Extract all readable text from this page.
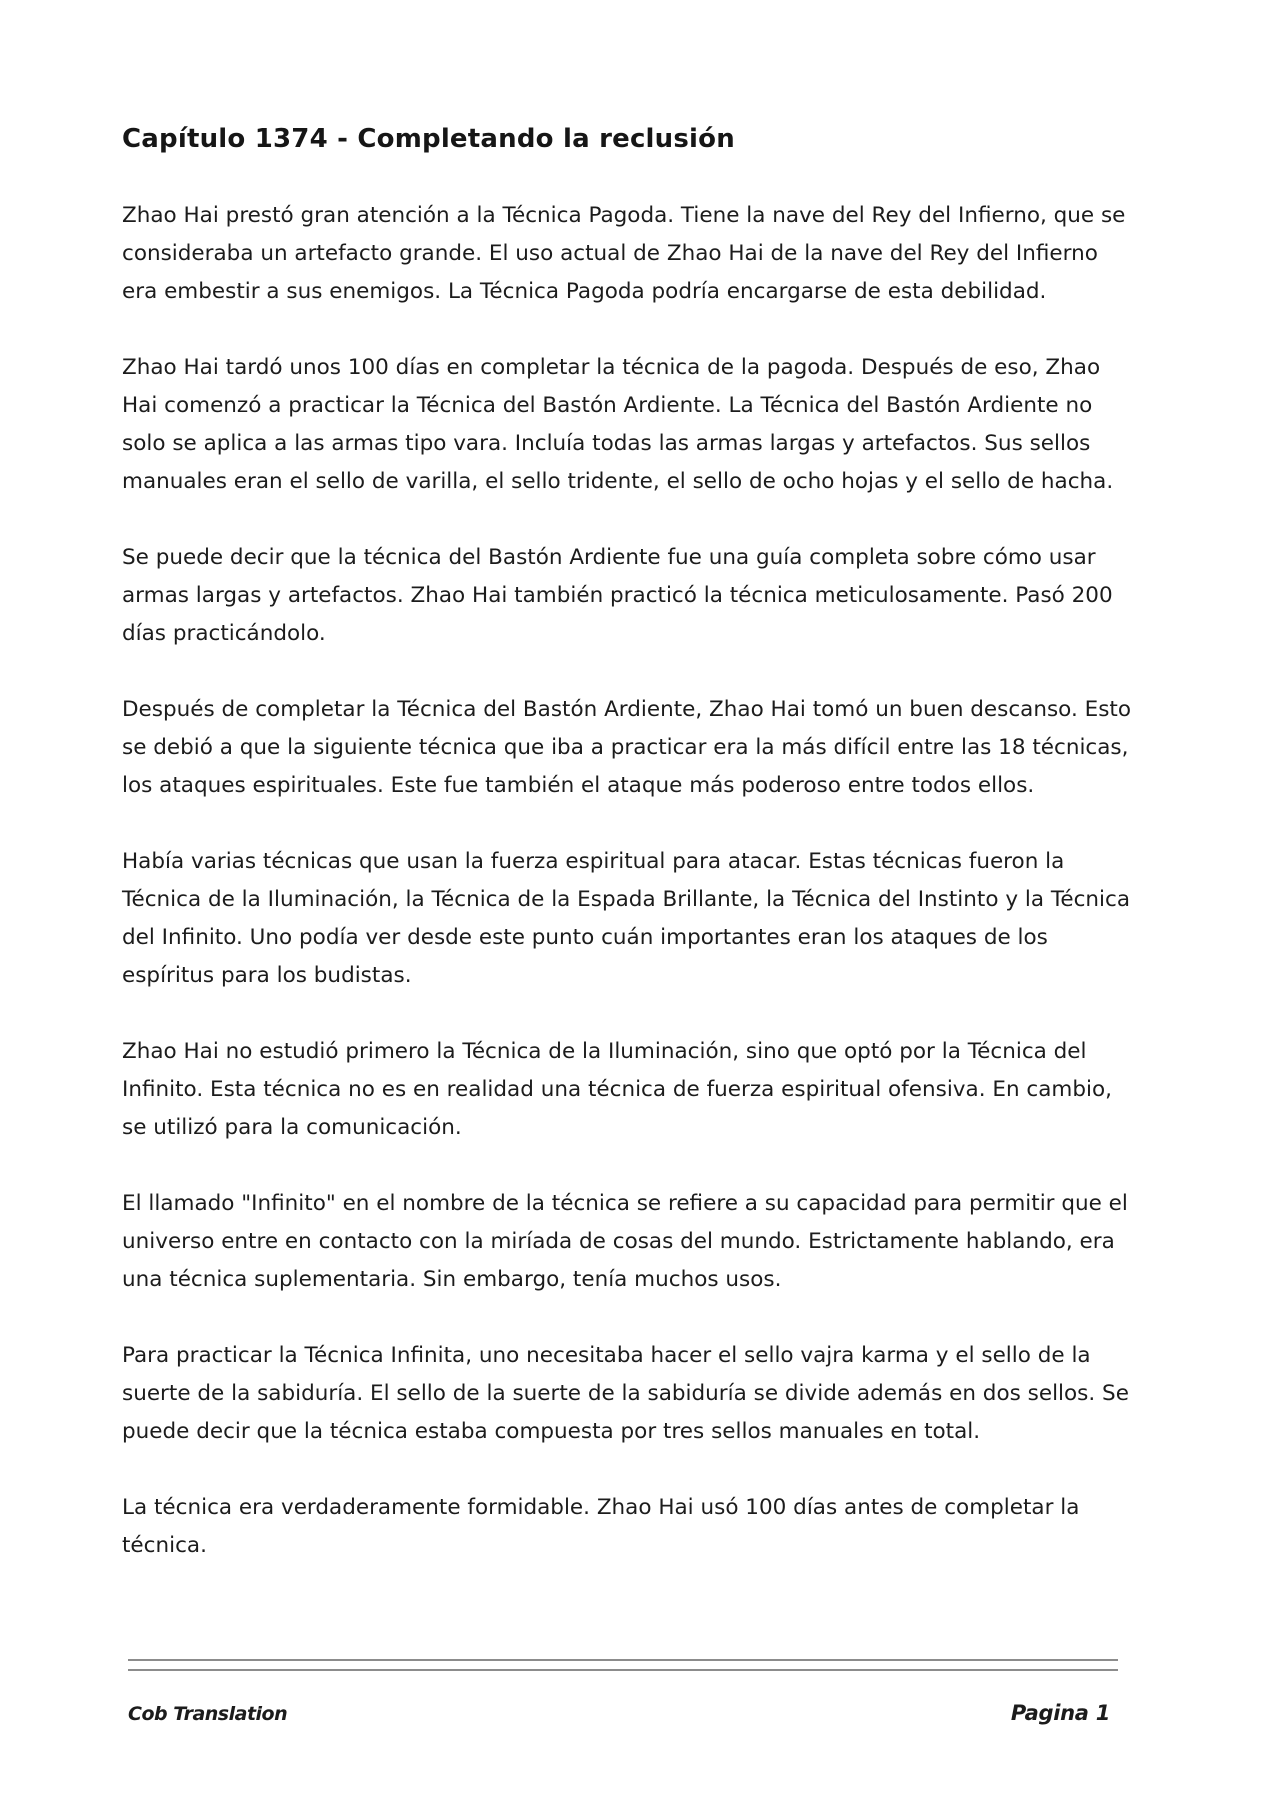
Capítulo 1374 - Completando la reclusión

Zhao Hai prestó gran atención a la Técnica Pagoda. Tiene la nave del Rey del Infierno, que se consideraba un artefacto grande. El uso actual de Zhao Hai de la nave del Rey del Infierno era embestir a sus enemigos. La Técnica Pagoda podría encargarse de esta debilidad.

Zhao Hai tardó unos 100 días en completar la técnica de la pagoda. Después de eso, Zhao Hai comenzó a practicar la Técnica del Bastón Ardiente. La Técnica del Bastón Ardiente no solo se aplica a las armas tipo vara. Incluía todas las armas largas y artefactos. Sus sellos manuales eran el sello de varilla, el sello tridente, el sello de ocho hojas y el sello de hacha.

Se puede decir que la técnica del Bastón Ardiente fue una guía completa sobre cómo usar armas largas y artefactos. Zhao Hai también practicó la técnica meticulosamente. Pasó 200 días practicándolo.

Después de completar la Técnica del Bastón Ardiente, Zhao Hai tomó un buen descanso. Esto se debió a que la siguiente técnica que iba a practicar era la más difícil entre las 18 técnicas, los ataques espirituales. Este fue también el ataque más poderoso entre todos ellos.

Había varias técnicas que usan la fuerza espiritual para atacar. Estas técnicas fueron la Técnica de la Iluminación, la Técnica de la Espada Brillante, la Técnica del Instinto y la Técnica del Infinito. Uno podía ver desde este punto cuán importantes eran los ataques de los espíritus para los budistas.

Zhao Hai no estudió primero la Técnica de la Iluminación, sino que optó por la Técnica del Infinito. Esta técnica no es en realidad una técnica de fuerza espiritual ofensiva. En cambio, se utilizó para la comunicación.

El llamado "Infinito" en el nombre de la técnica se refiere a su capacidad para permitir que el universo entre en contacto con la miríada de cosas del mundo. Estrictamente hablando, era una técnica suplementaria. Sin embargo, tenía muchos usos.

Para practicar la Técnica Infinita, uno necesitaba hacer el sello vajra karma y el sello de la suerte de la sabiduría. El sello de la suerte de la sabiduría se divide además en dos sellos. Se puede decir que la técnica estaba compuesta por tres sellos manuales en total.

La técnica era verdaderamente formidable. Zhao Hai usó 100 días antes de completar la técnica.

Cob Translation	Pagina 1
